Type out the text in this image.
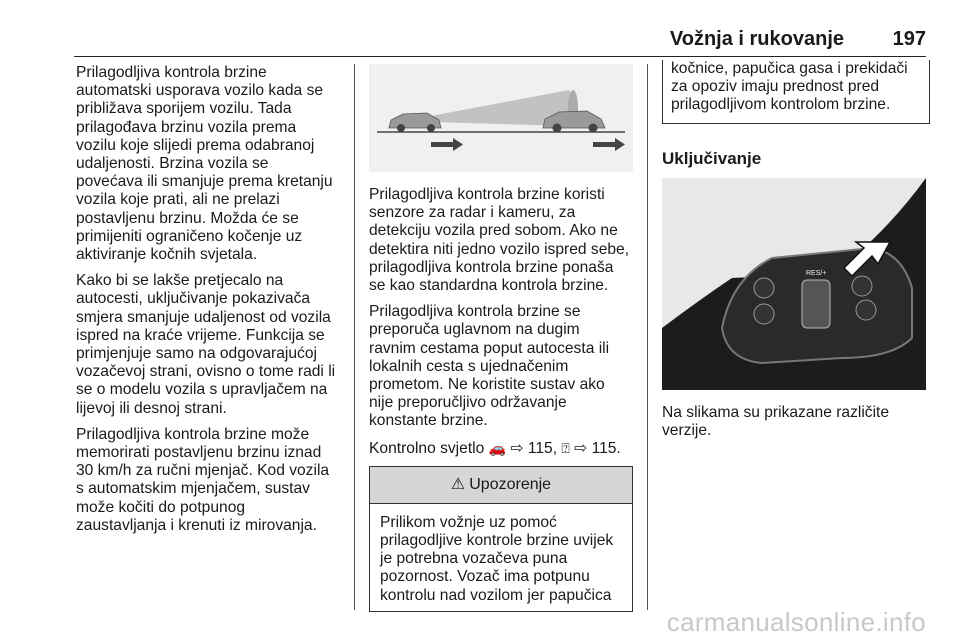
Vožnja i rukovanje 197

Prilagodljiva kontrola brzine
automatski usporava vozilo kada se
približava sporijem vozilu. Tada
prilagođava brzinu vozila prema
vozilu koje slijedi prema odabranoj
udaljenosti. Brzina vozila se
povećava ili smanjuje prema kretanju
vozila koje prati, ali ne prelazi
postavljenu brzinu. Možda će se
primijeniti ograničeno kočenje uz
aktiviranje kočnih svjetala.

Kako bi se lakše pretjecalo na
autocesti, uključivanje pokazivača
smjera smanjuje udaljenost od vozila
ispred na kraće vrijeme. Funkcija se
primjenjuje samo na odgovarajućoj
vozačevoj strani, ovisno o tome radi li
se o modelu vozila s upravljačem na
lijevoj ili desnoj strani.

Prilagodljiva kontrola brzine može
memorirati postavljenu brzinu iznad
30 km/h za ručni mjenjač. Kod vozila
s automatskim mjenjačem, sustav
može kočiti do potpunog
zaustavljanja i krenuti iz mirovanja.

Prilagodljiva kontrola brzine koristi
senzore za radar i kameru, za
detekciju vozila pred sobom. Ako ne
detektira niti jedno vozilo ispred sebe,
prilagodljiva kontrola brzine ponaša
se kao standardna kontrola brzine.

Prilagodljiva kontrola brzine se
preporuča uglavnom na dugim
ravnim cestama poput autocesta ili
lokalnih cesta s ujednačenim
prometom. Ne koristite sustav ako
nije preporučljivo održavanje
konstante brzine.

Kontrolno svjetlo 🚗 ⇨ 115, ⍰ ⇨ 115.

⚠ Upozorenje
Prilikom vožnje uz pomoć
prilagodljive kontrole brzine uvijek
je potrebna vozačeva puna
pozornost. Vozač ima potpunu
kontrolu nad vozilom jer papučica
kočnice, papučica gasa i prekidači
za opoziv imaju prednost pred
prilagodljivom kontrolom brzine.
Uključivanje
RES/+

Na slikama su prikazane različite
verzije.

carmanualsonline.info
